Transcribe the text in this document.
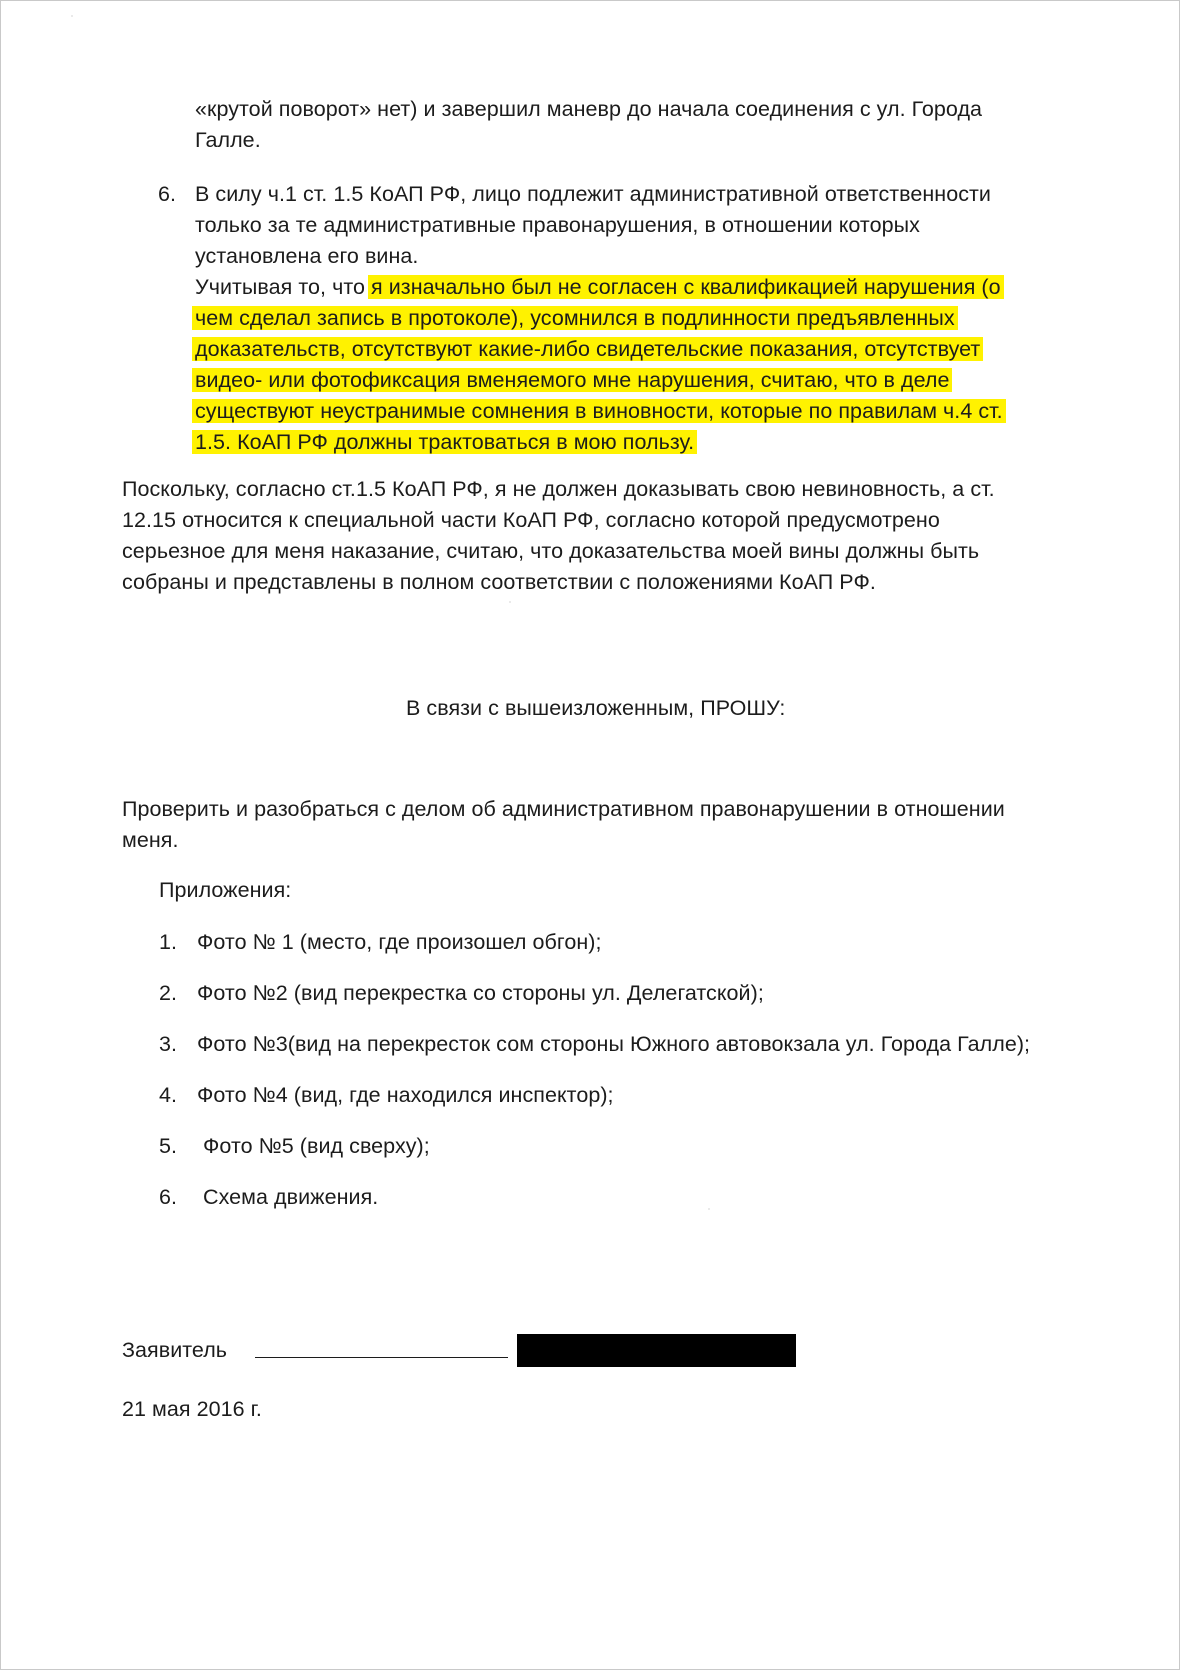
«крутой поворот» нет) и завершил маневр до начала соединения с ул. Города
Галле.
6. В силу ч.1 ст. 1.5 КоАП РФ, лицо подлежит административной ответственности
только за те административные правонарушения, в отношении которых
установлена его вина.
Учитывая то, что я изначально был не согласен с квалификацией нарушения (о
чем сделал запись в протоколе), усомнился в подлинности предъявленных
доказательств, отсутствуют какие-либо свидетельские показания, отсутствует
видео- или фотофиксация вменяемого мне нарушения, считаю, что в деле
существуют неустранимые сомнения в виновности, которые по правилам ч.4 ст.
1.5. КоАП РФ должны трактоваться в мою пользу.
Поскольку, согласно ст.1.5 КоАП РФ, я не должен доказывать свою невиновность, а ст.
12.15 относится к специальной части КоАП РФ, согласно которой предусмотрено
серьезное для меня наказание, считаю, что доказательства моей вины должны быть
собраны и представлены в полном соответствии с положениями КоАП РФ.
В связи с вышеизложенным, ПРОШУ:
Проверить и разобраться с делом об административном правонарушении в отношении
меня.
Приложения:
1. Фото № 1 (место, где произошел обгон);
2. Фото №2 (вид перекрестка со стороны ул. Делегатской);
3. Фото №3(вид на перекресток сом стороны Южного автовокзала ул. Города Галле);
4. Фото №4 (вид, где находился инспектор);
5. Фото №5 (вид сверху);
6. Схема движения.
Заявитель
21 мая 2016 г.
